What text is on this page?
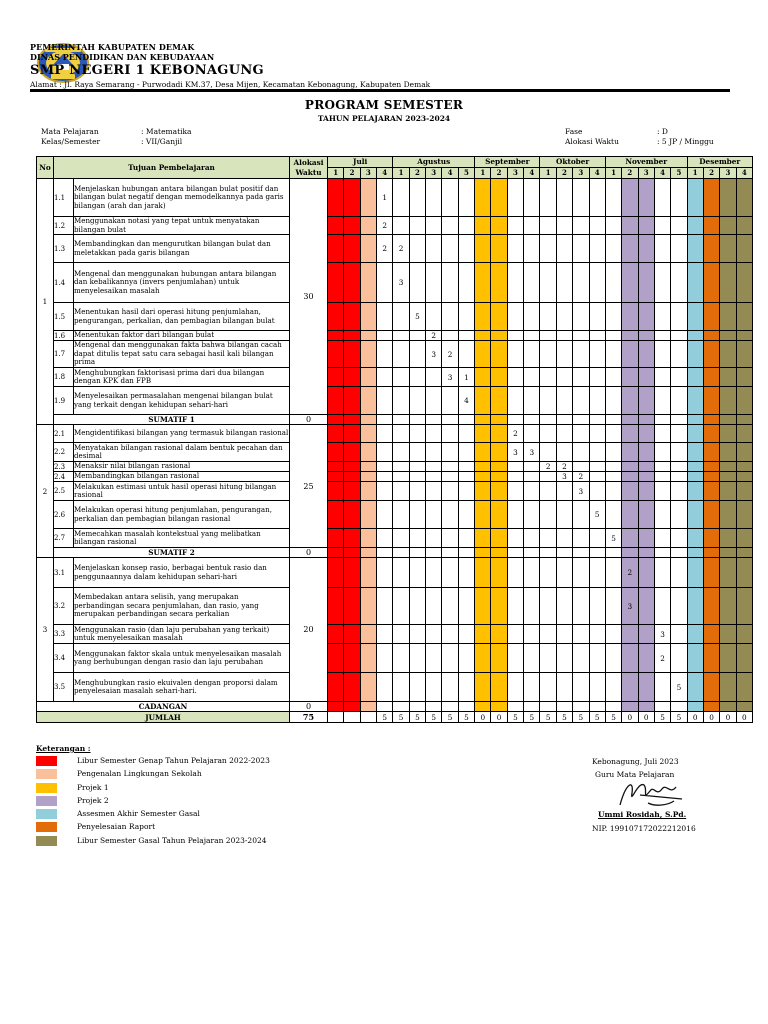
PEMERINTAH KABUPATEN DEMAK
DINAS PENDIDIKAN DAN KEBUDAYAAN
SMP NEGERI 1 KEBONAGUNG
Alamat : Jl. Raya Semarang - Purwodadi KM.37, Desa Mijen, Kecamatan Kebonagung, Kabupaten Demak
PROGRAM SEMESTER
TAHUN PELAJARAN 2023-2024
Mata Pelajaran	: Matematika
Kelas/Semester	: VII/Ganjil
Fase	: D
Alokasi Waktu	: 5 JP / Minggu
No	Tujuan Pembelajaran		Alokasi Waktu	Juli				Agustus					September				Oktober				November					Desember			
				1	2	3	4	1	2	3	4	5	1	2	3	4	1	2	3	4	1	2	3	4	5	1	2	3	4
1	1.1	Menjelaskan hubungan antara bilangan bulat positif dan bilangan bulat negatif dengan memodelkannya pada garis bilangan (arah dan jarak)	30				1																						
	1.2	Menggunakan notasi yang tepat untuk menyatakan bilangan bulat					2																						
	1.3	Membandingkan dan mengurutkan bilangan bulat dan meletakkan pada garis bilangan					2	2																					
	1.4	Mengenal dan menggunakan hubungan antara bilangan dan kebalikannya (invers penjumlahan) untuk menyelesaikan masalah						3																					
	1.5	Menentukan hasil dari operasi hitung penjumlahan, pengurangan, perkalian, dan pembagian bilangan bulat							5																				
	1.6	Menentukan faktor dari bilangan bulat								2																			
	1.7	Mengenal dan menggunakan fakta bahwa bilangan cacah dapat ditulis tepat satu cara sebagai hasil kali bilangan prima								3	2																		
	1.8	Menghubungkan faktorisasi prima dari dua bilangan dengan KPK dan FPB									3	1																	
	1.9	Menyelesaikan permasalahan mengenai bilangan bulat yang terkait dengan kehidupan sehari-hari										4																	
	SUMATIF 1		0																										
2	2.1	Mengidentifikasi bilangan yang termasuk bilangan rasional	25												2														
	2.2	Menyatakan bilangan rasional dalam bentuk pecahan dan desimal													3	3													
	2.3	Menaksir nilai bilangan rasional															2	2											
	2.4	Membandingkan bilangan rasional																3	2										
	2.5	Melakukan estimasi untuk hasil operasi hitung bilangan rasional																	3										
	2.6	Melakukan operasi hitung penjumlahan, pengurangan, perkalian dan pembagian bilangan rasional																		5									
	2.7	Memecahkan masalah kontekstual yang melibatkan bilangan rasional																			5								
	SUMATIF 2		0																										
3	3.1	Menjelaskan konsep rasio, berbagai bentuk rasio dan penggunaannya dalam kehidupan sehari-hari	20																			2							
	3.2	Membedakan antara selisih, yang merupakan perbandingan secara penjumlahan, dan rasio, yang merupakan perbandingan secara perkalian																				3							
	3.3	Menggunakan rasio (dan laju perubahan yang terkait) untuk menyelesaikan masalah																						3					
	3.4	Menggunakan faktor skala untuk menyelesaikan masalah yang berhubungan dengan rasio dan laju perubahan																						2					
	3.5	Menghubungkan rasio ekuivalen dengan proporsi dalam penyelesaian masalah sehari-hari.																							5				
CADANGAN			0																										
JUMLAH			75				5	5	5	5	5	5	0	0	5	5	5	5	5	5	5	0	0	5	5	0	0	0	0
Keterangan :
Libur Semester Genap Tahun Pelajaran 2022-2023
Pengenalan Lingkungan Sekolah
Projek 1
Projek 2
Assesmen Akhir Semester Gasal
Penyelesaian Raport
Libur Semester Gasal Tahun Pelajaran 2023-2024
Kebonagung, Juli 2023
Guru Mata Pelajaran
Ummi Rosidah, S.Pd.
NIP. 199107172022212016
